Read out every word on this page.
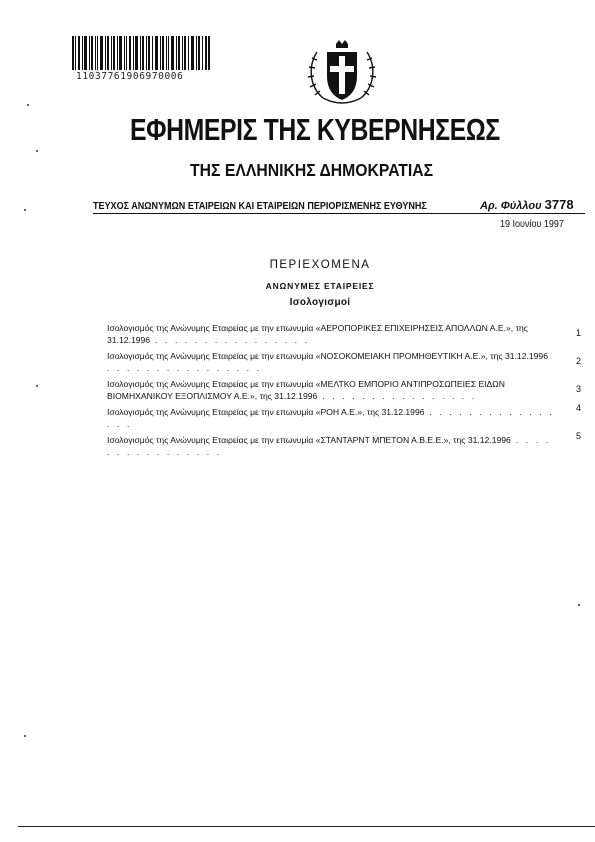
11037761906970006
ΕΦΗΜΕΡΙΣ ΤΗΣ ΚΥΒΕΡΝΗΣΕΩΣ
ΤΗΣ ΕΛΛΗΝΙΚΗΣ ΔΗΜΟΚΡΑΤΙΑΣ
ΤΕΥΧΟΣ ΑΝΩΝΥΜΩΝ ΕΤΑΙΡΕΙΩΝ ΚΑΙ ΕΤΑΙΡΕΙΩΝ ΠΕΡΙΟΡΙΣΜΕΝΗΣ ΕΥΘΥΝΗΣ	Αρ. Φύλλου 3778
19 Ιουνίου 1997
ΠΕΡΙΕΧΟΜΕΝΑ
ΑΝΩΝΥΜΕΣ ΕΤΑΙΡΕΙΕΣ
Ισολογισμοί
Ισολογισμός της Ανώνυμης Εταιρείας με την επωνυμία «ΑΕΡΟΠΟΡΙΚΕΣ ΕΠΙΧΕΙΡΗΣΕΙΣ ΑΠΟΛΛΩΝ Α.Ε.», της 31.12.1996 . . . . . . . . . . . . . . . .
1
Ισολογισμός της Ανώνυμης Εταιρείας με την επωνυμία «ΝΟΣΟΚΟΜΕΙΑΚΗ ΠΡΟΜΗΘΕΥΤΙΚΗ Α.Ε.», της 31.12.1996 . . . . . . . . . . . . . . . .
2
Ισολογισμός της Ανώνυμης Εταιρείας με την επωνυμία «ΜΕΛΤΚΟ ΕΜΠΟΡΙΟ ΑΝΤΙΠΡΟΣΩΠΕΙΕΣ ΕΙΔΩΝ ΒΙΟΜΗΧΑΝΙΚΟΥ ΕΞΟΠΛΙΣΜΟΥ Α.Ε.», της 31.12.1996 . . . . . . . . . . . . . . . .
3
Ισολογισμός της Ανώνυμης Εταιρείας με την επωνυμία «ΡΟΗ Α.Ε.», της 31.12.1996 . . . . . . . . . . . . . . . .
4
Ισολογισμός της Ανώνυμης Εταιρείας με την επωνυμία «ΣΤΑΝΤΑΡΝΤ ΜΠΕΤΟΝ Α.Β.Ε.Ε.», της 31.12.1996 . . . . . . . . . . . . . . . .
5
